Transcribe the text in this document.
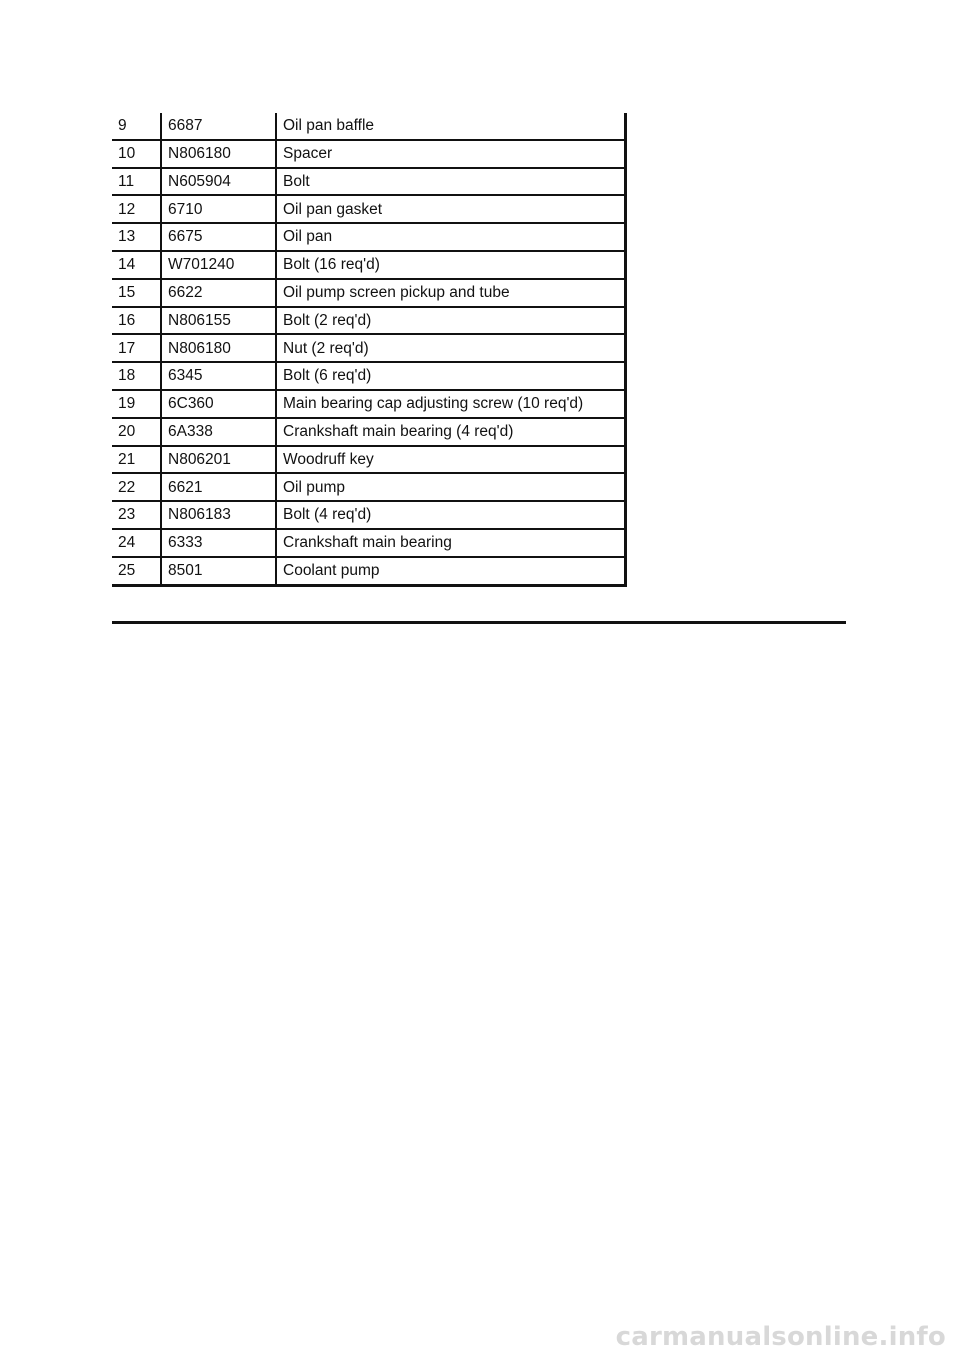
9	6687	Oil pan baffle
10	N806180	Spacer
11	N605904	Bolt
12	6710	Oil pan gasket
13	6675	Oil pan
14	W701240	Bolt (16 req'd)
15	6622	Oil pump screen pickup and tube
16	N806155	Bolt (2 req'd)
17	N806180	Nut (2 req'd)
18	6345	Bolt (6 req'd)
19	6C360	Main bearing cap adjusting screw (10 req'd)
20	6A338	Crankshaft main bearing (4 req'd)
21	N806201	Woodruff key
22	6621	Oil pump
23	N806183	Bolt (4 req'd)
24	6333	Crankshaft main bearing
25	8501	Coolant pump
carmanualsonline.info
